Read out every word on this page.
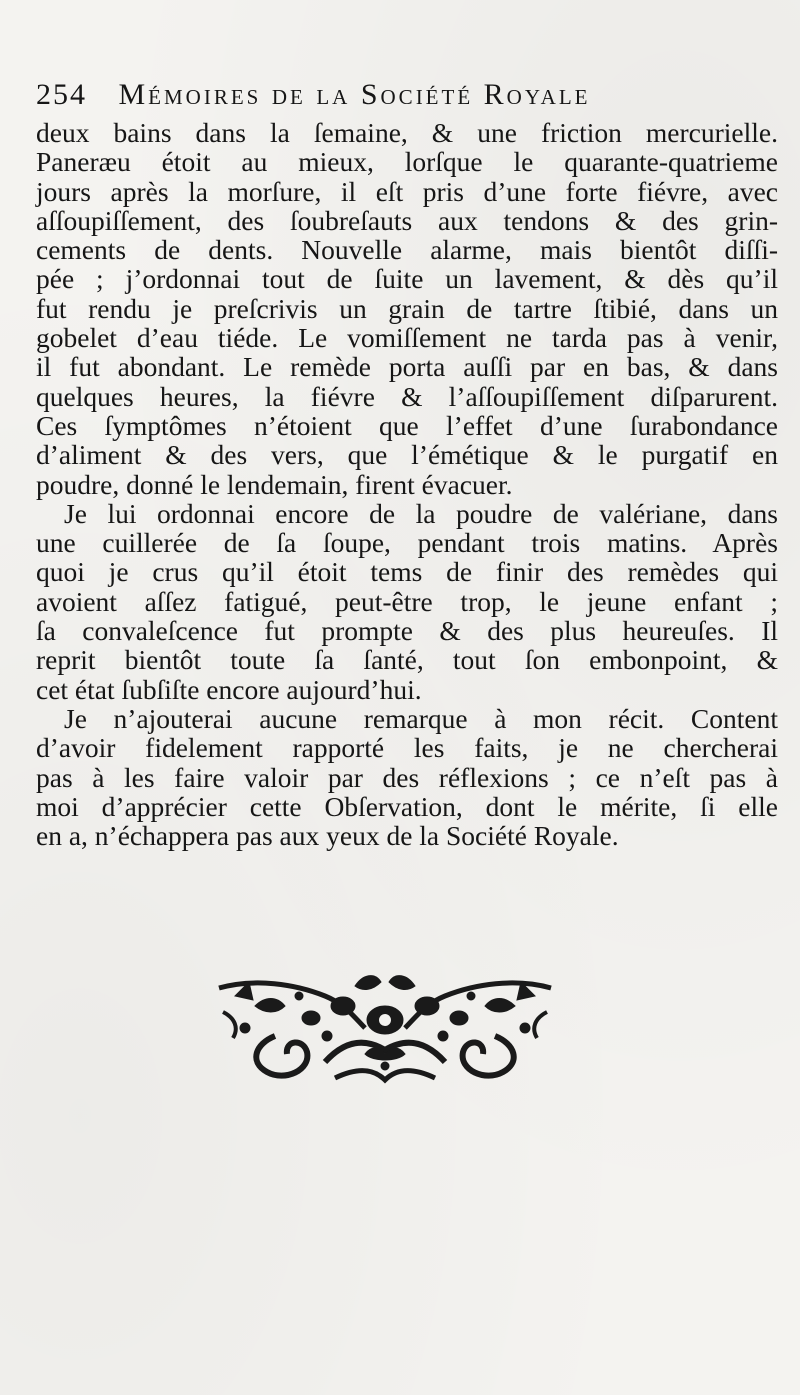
254 Mémoires de la Société Royale
deux bains dans la ſemaine, & une friction mercurielle.
Paneræu étoit au mieux, lorſque le quarante-quatrieme
jours après la morſure, il eſt pris d’une forte fiévre, avec
aſſoupiſſement, des ſoubreſauts aux tendons & des grin-
cements de dents. Nouvelle alarme, mais bientôt diſſi-
pée ; j’ordonnai tout de ſuite un lavement, & dès qu’il
fut rendu je preſcrivis un grain de tartre ſtibié, dans un
gobelet d’eau tiéde. Le vomiſſement ne tarda pas à venir,
il fut abondant. Le remède porta auſſi par en bas, & dans
quelques heures, la fiévre & l’aſſoupiſſement diſparurent.
Ces ſymptômes n’étoient que l’effet d’une ſurabondance
d’aliment & des vers, que l’émétique & le purgatif en
poudre, donné le lendemain, firent évacuer.
Je lui ordonnai encore de la poudre de valériane, dans
une cuillerée de ſa ſoupe, pendant trois matins. Après
quoi je crus qu’il étoit tems de finir des remèdes qui
avoient aſſez fatigué, peut-être trop, le jeune enfant ;
ſa convaleſcence fut prompte & des plus heureuſes. Il
reprit bientôt toute ſa ſanté, tout ſon embonpoint, &
cet état ſubſiſte encore aujourd’hui.
Je n’ajouterai aucune remarque à mon récit. Content
d’avoir fidelement rapporté les faits, je ne chercherai
pas à les faire valoir par des réflexions ; ce n’eſt pas à
moi d’apprécier cette Obſervation, dont le mérite, ſi elle
en a, n’échappera pas aux yeux de la Société Royale.
